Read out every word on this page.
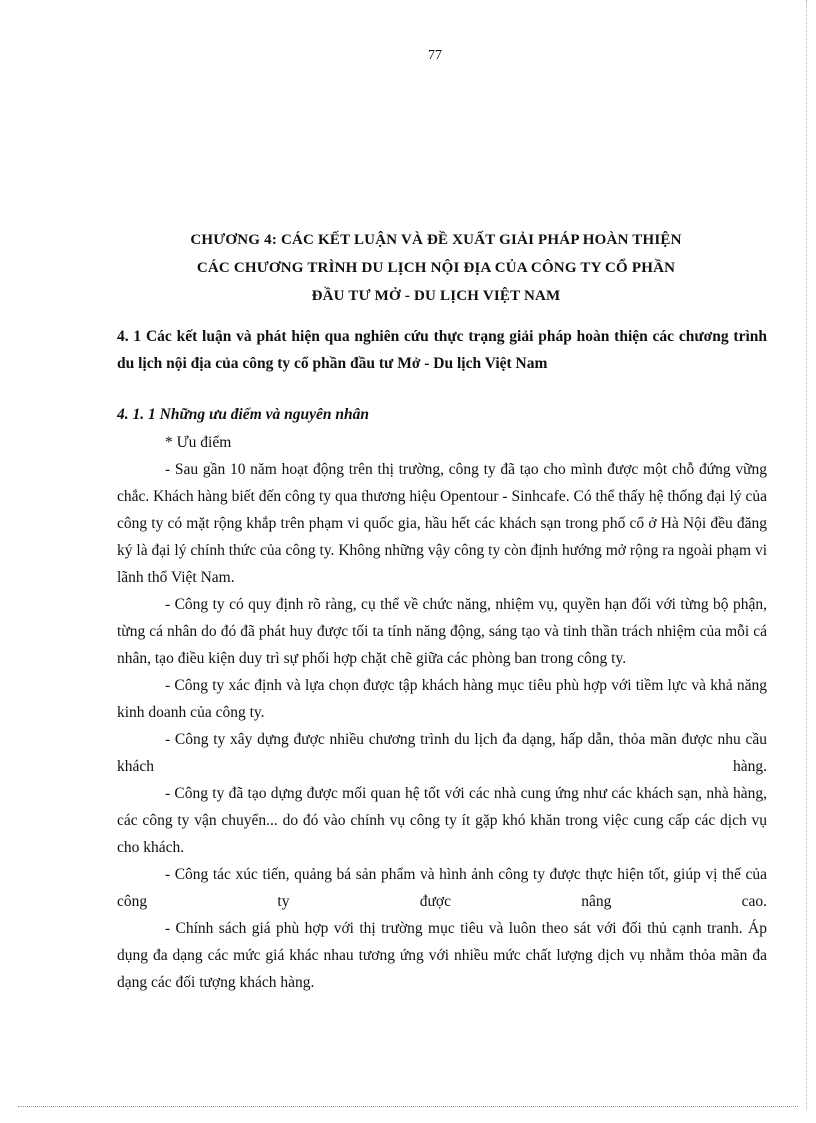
77
CHƯƠNG 4: CÁC KẾT LUẬN VÀ ĐỀ XUẤT GIẢI PHÁP HOÀN THIỆN
CÁC CHƯƠNG TRÌNH DU LỊCH NỘI ĐỊA CỦA CÔNG TY CỔ PHẦN
ĐẦU TƯ MỞ - DU LỊCH VIỆT NAM
4. 1 Các kết luận và phát hiện qua nghiên cứu thực trạng giải pháp hoàn thiện các chương trình du lịch nội địa của công ty cổ phần đầu tư Mở - Du lịch Việt Nam
4. 1. 1 Những ưu điểm và nguyên nhân

* Ưu điểm

- Sau gần 10 năm hoạt động trên thị trường, công ty đã tạo cho mình được một chỗ đứng vững chắc. Khách hàng biết đến công ty qua thương hiệu Opentour - Sinhcafe. Có thể thấy hệ thống đại lý của công ty có mặt rộng khắp trên phạm vi quốc gia, hầu hết các khách sạn trong phố cổ ở Hà Nội đều đăng ký là đại lý chính thức của công ty. Không những vậy công ty còn định hướng mở rộng ra ngoài phạm vi lãnh thổ Việt Nam.

- Công ty có quy định rõ ràng, cụ thể về chức năng, nhiệm vụ, quyền hạn đối với từng bộ phận, từng cá nhân do đó đã phát huy được tối ta tính năng động, sáng tạo và tinh thần trách nhiệm của mỗi cá nhân, tạo điều kiện duy trì sự phối hợp chặt chẽ giữa các phòng ban trong công ty.

- Công ty xác định và lựa chọn được tập khách hàng mục tiêu phù hợp với tiềm lực và khả năng kinh doanh của công ty.

- Công ty xây dựng được nhiều chương trình du lịch đa dạng, hấp dẫn, thỏa mãn được nhu cầu khách hàng.

- Công ty đã tạo dựng được mối quan hệ tốt với các nhà cung ứng như các khách sạn, nhà hàng, các công ty vận chuyển... do đó vào chính vụ công ty ít gặp khó khăn trong việc cung cấp các dịch vụ cho khách.

- Công tác xúc tiến, quảng bá sản phẩm và hình ảnh công ty được thực hiện tốt, giúp vị thế của công ty được nâng cao.

- Chính sách giá phù hợp với thị trường mục tiêu và luôn theo sát với đối thủ cạnh tranh. Áp dụng đa dạng các mức giá khác nhau tương ứng với nhiều mức chất lượng dịch vụ nhằm thỏa mãn đa dạng các đối tượng khách hàng.
